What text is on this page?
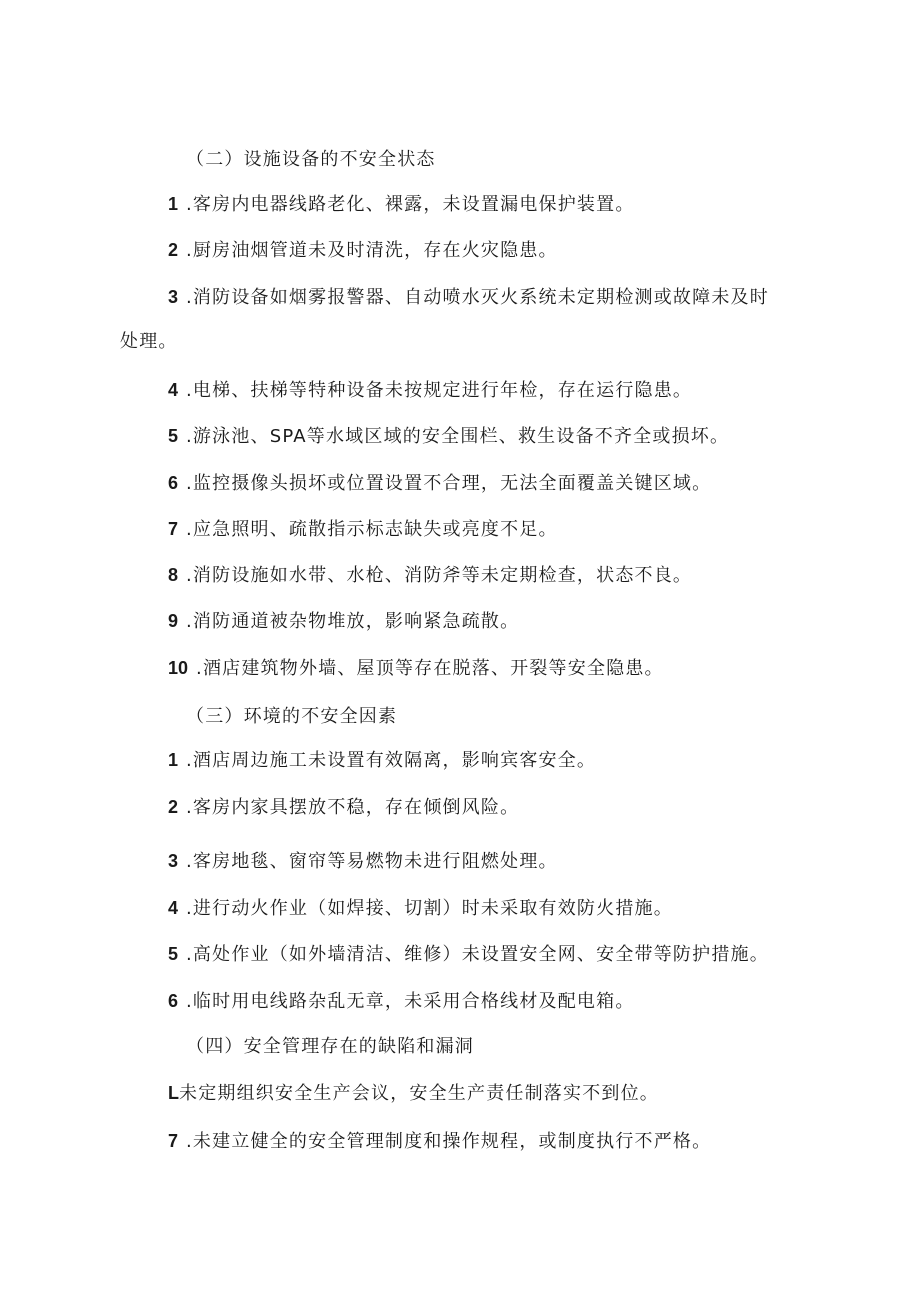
（二）设施设备的不安全状态
1 .客房内电器线路老化、裸露，未设置漏电保护装置。
2 .厨房油烟管道未及时清洗，存在火灾隐患。
3 .消防设备如烟雾报警器、自动喷水灭火系统未定期检测或故障未及时
处理。
4 .电梯、扶梯等特种设备未按规定进行年检，存在运行隐患。
5 .游泳池、SPA等水域区域的安全围栏、救生设备不齐全或损坏。
6 .监控摄像头损坏或位置设置不合理，无法全面覆盖关键区域。
7 .应急照明、疏散指示标志缺失或亮度不足。
8 .消防设施如水带、水枪、消防斧等未定期检查，状态不良。
9 .消防通道被杂物堆放，影响紧急疏散。
10 .酒店建筑物外墙、屋顶等存在脱落、开裂等安全隐患。
（三）环境的不安全因素
1 .酒店周边施工未设置有效隔离，影响宾客安全。
2 .客房内家具摆放不稳，存在倾倒风险。
3 .客房地毯、窗帘等易燃物未进行阻燃处理。
4 .进行动火作业（如焊接、切割）时未采取有效防火措施。
5 .高处作业（如外墙清洁、维修）未设置安全网、安全带等防护措施。
6 .临时用电线路杂乱无章，未采用合格线材及配电箱。
（四）安全管理存在的缺陷和漏洞
L未定期组织安全生产会议，安全生产责任制落实不到位。
7 .未建立健全的安全管理制度和操作规程，或制度执行不严格。
